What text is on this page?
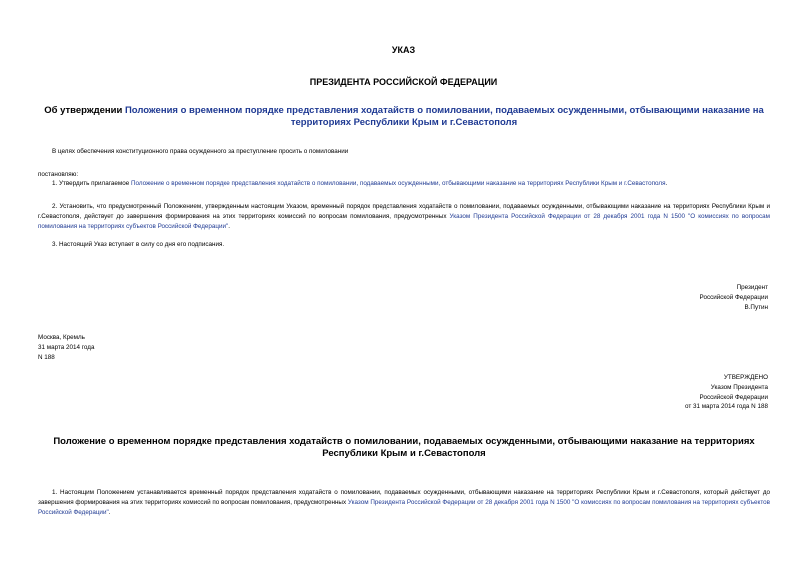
УКАЗ
ПРЕЗИДЕНТА РОССИЙСКОЙ ФЕДЕРАЦИИ
Об утверждении Положения о временном порядке представления ходатайств о помиловании, подаваемых осужденными, отбывающими наказание на территориях Республики Крым и г.Севастополя
В целях обеспечения конституционного права осужденного за преступление просить о помиловании
постановляю:
1. Утвердить прилагаемое Положение о временном порядке представления ходатайств о помиловании, подаваемых осужденными, отбывающими наказание на территориях Республики Крым и г.Севастополя.
2. Установить, что предусмотренный Положением, утвержденным настоящим Указом, временный порядок представления ходатайств о помиловании, подаваемых осужденными, отбывающими наказание на территориях Республики Крым и г.Севастополя, действует до завершения формирования на этих территориях комиссий по вопросам помилования, предусмотренных Указом Президента Российской Федерации от 28 декабря 2001 года N 1500 "О комиссиях по вопросам помилования на территориях субъектов Российской Федерации".
3. Настоящий Указ вступает в силу со дня его подписания.
Президент
Российской Федерации
В.Путин
Москва, Кремль
31 марта 2014 года
N 188
УТВЕРЖДЕНО
Указом Президента
Российской Федерации
от 31 марта 2014 года N 188
Положение о временном порядке представления ходатайств о помиловании, подаваемых осужденными, отбывающими наказание на территориях Республики Крым и г.Севастополя
1. Настоящим Положением устанавливается временный порядок представления ходатайств о помиловании, подаваемых осужденными, отбывающими наказание на территориях Республики Крым и г.Севастополя, который действует до завершения формирования на этих территориях комиссий по вопросам помилования, предусмотренных Указом Президента Российской Федерации от 28 декабря 2001 года N 1500 "О комиссиях по вопросам помилования на территориях субъектов Российской Федерации".
